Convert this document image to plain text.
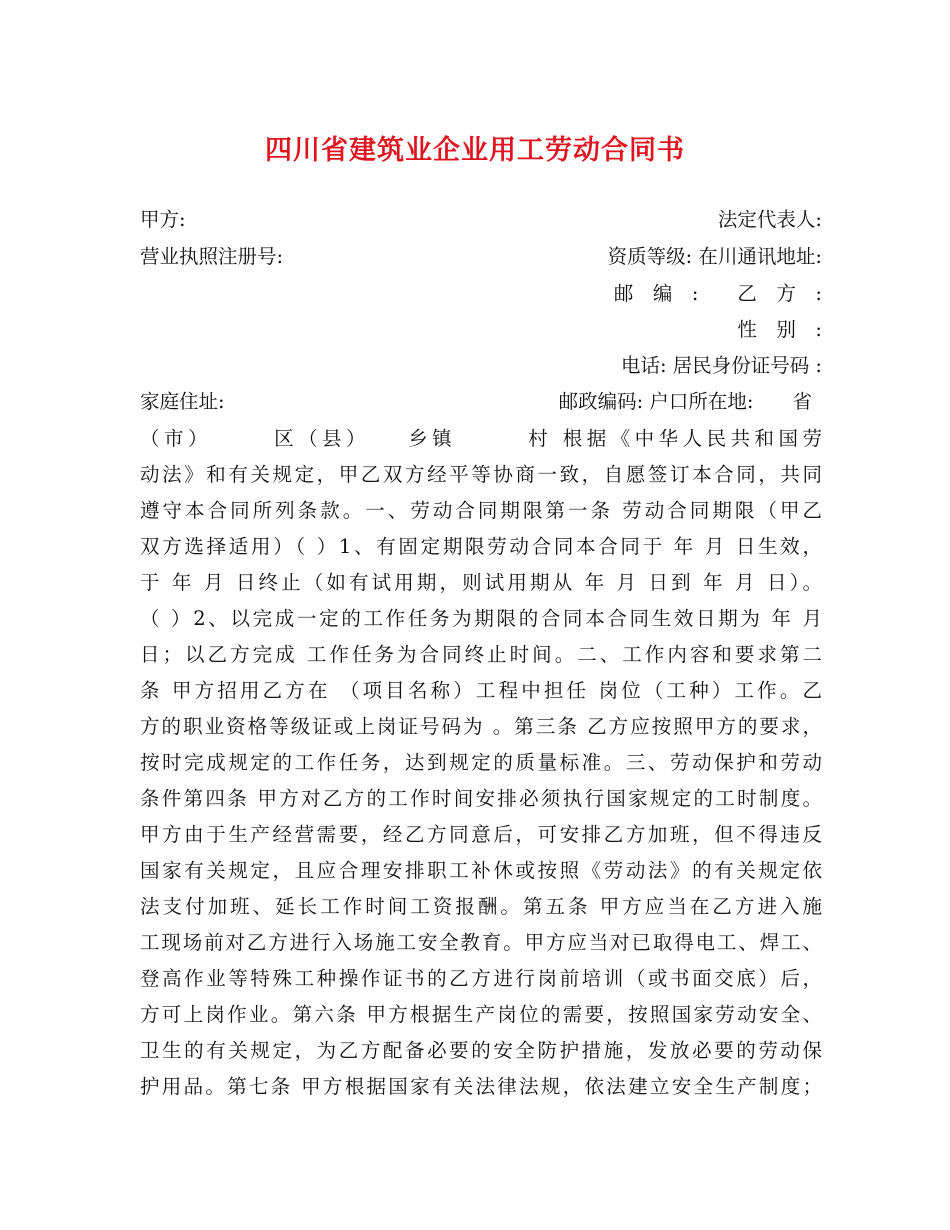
四川省建筑业企业用工劳动合同书
甲方:	法定代表人:
营业执照注册号:	资质等级: 在川通讯地址:
邮　编　:　　乙　方　:
性　别　:
电话: 居民身份证号码 :
家庭住址:	邮政编码: 户口所在地:　　省
（市）　　　区（县）　　乡镇　　　村 根据《中华人民共和国劳
动法》和有关规定，甲乙双方经平等协商一致，自愿签订本合同，共同
遵守本合同所列条款。一、劳动合同期限第一条 劳动合同期限（甲乙
双方选择适用）（ ）1、有固定期限劳动合同本合同于 年 月 日生效，
于 年 月 日终止（如有试用期，则试用期从 年 月 日到 年 月 日）。
（ ）2、以完成一定的工作任务为期限的合同本合同生效日期为 年 月
日；以乙方完成 工作任务为合同终止时间。二、工作内容和要求第二
条 甲方招用乙方在 （项目名称）工程中担任 岗位（工种）工作。乙
方的职业资格等级证或上岗证号码为 。第三条 乙方应按照甲方的要求，
按时完成规定的工作任务，达到规定的质量标准。三、劳动保护和劳动
条件第四条 甲方对乙方的工作时间安排必须执行国家规定的工时制度。
甲方由于生产经营需要，经乙方同意后，可安排乙方加班，但不得违反
国家有关规定，且应合理安排职工补休或按照《劳动法》的有关规定依
法支付加班、延长工作时间工资报酬。第五条 甲方应当在乙方进入施
工现场前对乙方进行入场施工安全教育。甲方应当对已取得电工、焊工、
登高作业等特殊工种操作证书的乙方进行岗前培训（或书面交底）后，
方可上岗作业。第六条 甲方根据生产岗位的需要，按照国家劳动安全、
卫生的有关规定，为乙方配备必要的安全防护措施，发放必要的劳动保
护用品。第七条 甲方根据国家有关法律法规，依法建立安全生产制度；
